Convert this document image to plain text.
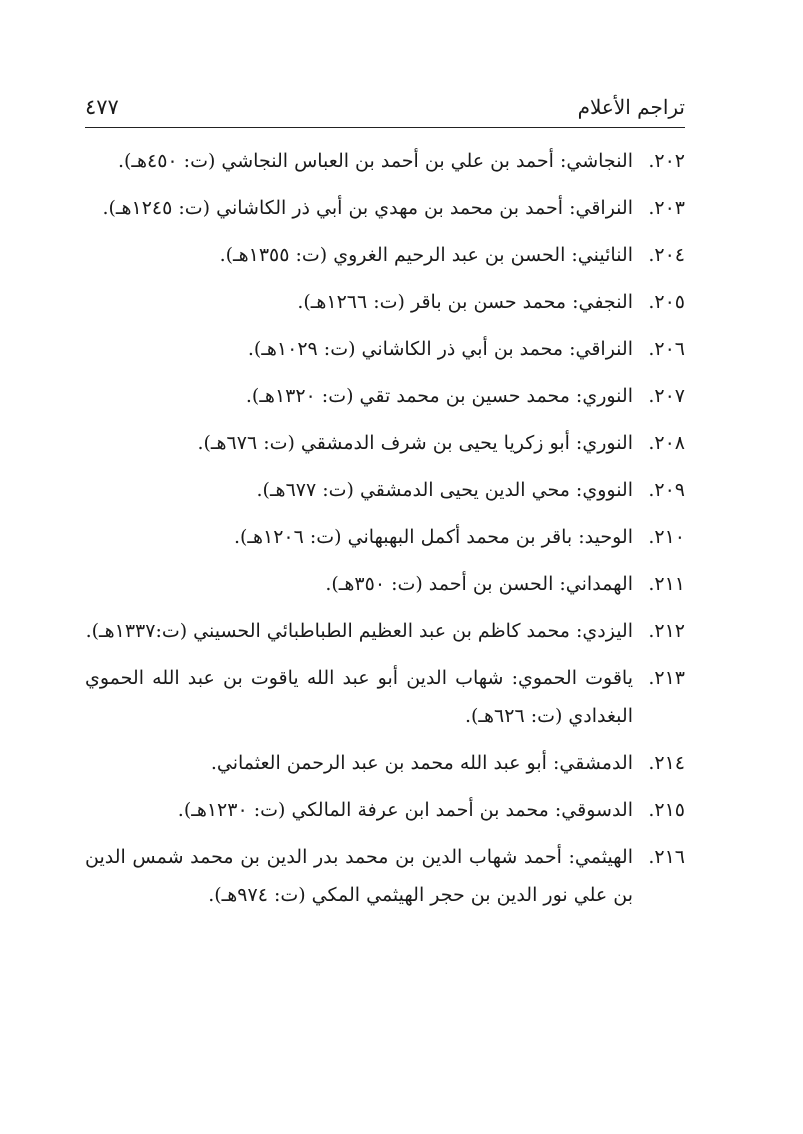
تراجم الأعلام
٤٧٧
٢٠٢.
النجاشي: أحمد بن علي بن أحمد بن العباس النجاشي (ت: ٤٥٠هـ).
٢٠٣.
النراقي: أحمد بن محمد بن مهدي بن أبي ذر الكاشاني (ت: ١٢٤٥هـ).
٢٠٤.
النائيني: الحسن بن عبد الرحيم الغروي (ت: ١٣٥٥هـ).
٢٠٥.
النجفي: محمد حسن بن باقر (ت: ١٢٦٦هـ).
٢٠٦.
النراقي: محمد بن أبي ذر الكاشاني (ت: ١٠٢٩هـ).
٢٠٧.
النوري: محمد حسين بن محمد تقي (ت: ١٣٢٠هـ).
٢٠٨.
النوري: أبو زكريا يحيى بن شرف الدمشقي (ت: ٦٧٦هـ).
٢٠٩.
النووي: محي الدين يحيى الدمشقي (ت: ٦٧٧هـ).
٢١٠.
الوحيد: باقر بن محمد أكمل البهبهاني (ت: ١٢٠٦هـ).
٢١١.
الهمداني: الحسن بن أحمد (ت: ٣٥٠هـ).
٢١٢.
اليزدي: محمد كاظم بن عبد العظيم الطباطبائي الحسيني (ت:١٣٣٧هـ).
٢١٣.
ياقوت الحموي: شهاب الدين أبو عبد الله ياقوت بن عبد الله الحموي البغدادي (ت: ٦٢٦هـ).
٢١٤.
الدمشقي: أبو عبد الله محمد بن عبد الرحمن العثماني.
٢١٥.
الدسوقي: محمد بن أحمد ابن عرفة المالكي (ت: ١٢٣٠هـ).
٢١٦.
الهيثمي: أحمد شهاب الدين بن محمد بدر الدين بن محمد شمس الدين بن علي نور الدين بن حجر الهيثمي المكي (ت: ٩٧٤هـ).
